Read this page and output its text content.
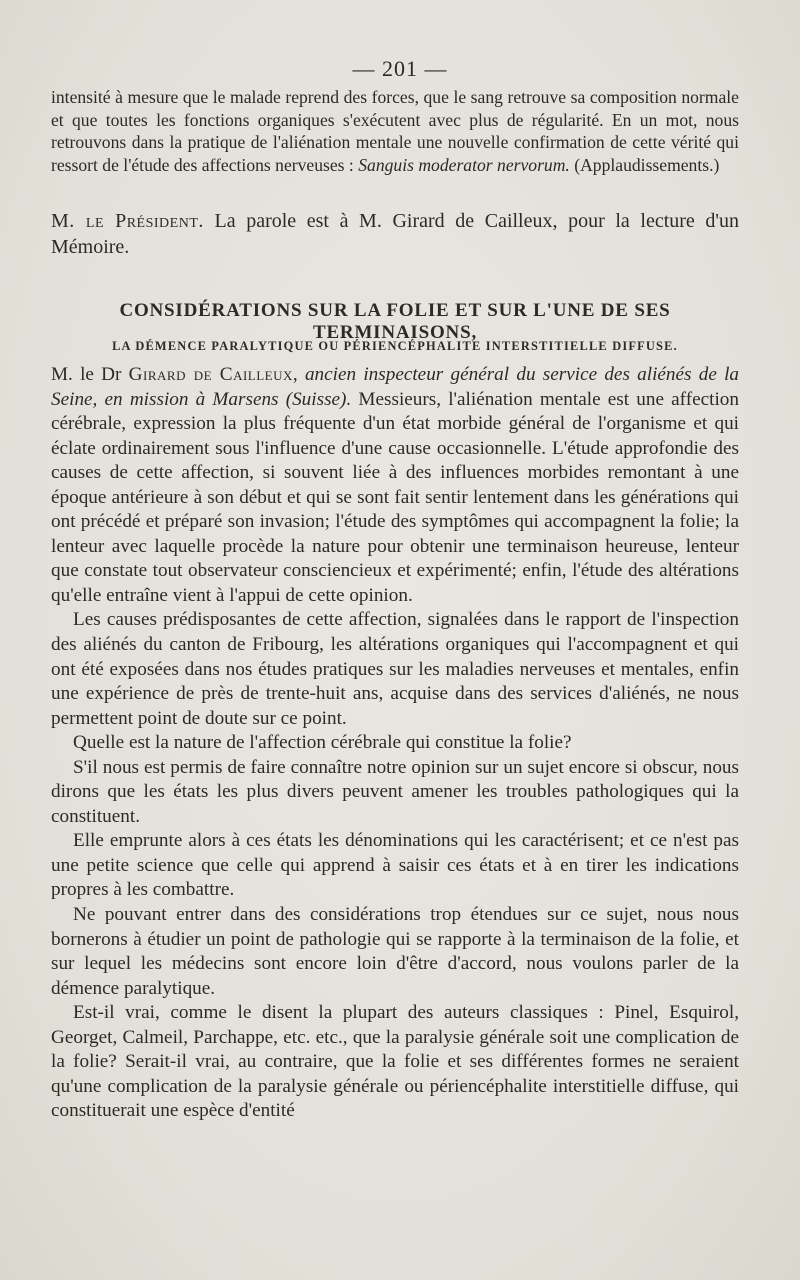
— 201 —

intensité à mesure que le malade reprend des forces, que le sang retrouve sa composition normale et que toutes les fonctions organiques s'exécutent avec plus de régularité. En un mot, nous retrouvons dans la pratique de l'aliénation mentale une nouvelle confirmation de cette vérité qui ressort de l'étude des affections nerveuses : Sanguis moderator nervorum. (Applaudissements.)

M. le Président. La parole est à M. Girard de Cailleux, pour la lecture d'un Mémoire.

CONSIDÉRATIONS SUR LA FOLIE ET SUR L'UNE DE SES TERMINAISONS,
LA DÉMENCE PARALYTIQUE OU PÉRIENCÉPHALITE INTERSTITIELLE DIFFUSE.

M. le Dr Girard de Cailleux, ancien inspecteur général du service des aliénés de la Seine, en mission à Marsens (Suisse). Messieurs, l'aliénation mentale est une affection cérébrale, expression la plus fréquente d'un état morbide général de l'organisme et qui éclate ordinairement sous l'influence d'une cause occasionnelle. L'étude approfondie des causes de cette affection, si souvent liée à des influences morbides remontant à une époque antérieure à son début et qui se sont fait sentir lentement dans les générations qui ont précédé et préparé son invasion; l'étude des symptômes qui accompagnent la folie; la lenteur avec laquelle procède la nature pour obtenir une terminaison heureuse, lenteur que constate tout observateur consciencieux et expérimenté; enfin, l'étude des altérations qu'elle entraîne vient à l'appui de cette opinion.

Les causes prédisposantes de cette affection, signalées dans le rapport de l'inspection des aliénés du canton de Fribourg, les altérations organiques qui l'accompagnent et qui ont été exposées dans nos études pratiques sur les maladies nerveuses et mentales, enfin une expérience de près de trente-huit ans, acquise dans des services d'aliénés, ne nous permettent point de doute sur ce point.

Quelle est la nature de l'affection cérébrale qui constitue la folie?

S'il nous est permis de faire connaître notre opinion sur un sujet encore si obscur, nous dirons que les états les plus divers peuvent amener les troubles pathologiques qui la constituent.

Elle emprunte alors à ces états les dénominations qui les caractérisent; et ce n'est pas une petite science que celle qui apprend à saisir ces états et à en tirer les indications propres à les combattre.

Ne pouvant entrer dans des considérations trop étendues sur ce sujet, nous nous bornerons à étudier un point de pathologie qui se rapporte à la terminaison de la folie, et sur lequel les médecins sont encore loin d'être d'accord, nous voulons parler de la démence paralytique.

Est-il vrai, comme le disent la plupart des auteurs classiques : Pinel, Esquirol, Georget, Calmeil, Parchappe, etc. etc., que la paralysie générale soit une complication de la folie? Serait-il vrai, au contraire, que la folie et ses différentes formes ne seraient qu'une complication de la paralysie générale ou périencéphalite interstitielle diffuse, qui constituerait une espèce d'entité
